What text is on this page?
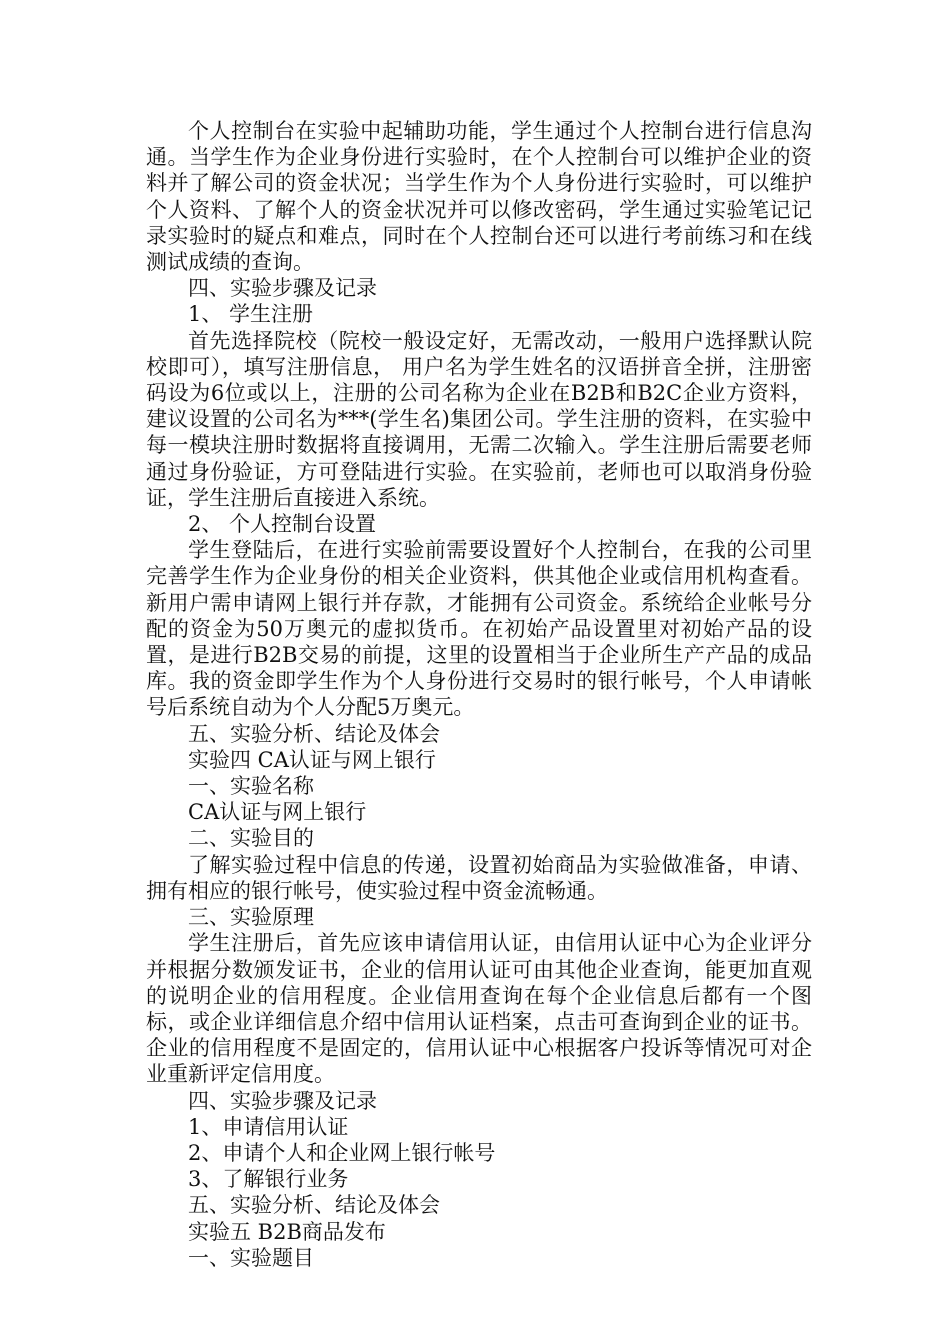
个人控制台在实验中起辅助功能，学生通过个人控制台进行信息沟通。当学生作为企业身份进行实验时，在个人控制台可以维护企业的资料并了解公司的资金状况；当学生作为个人身份进行实验时，可以维护个人资料、了解个人的资金状况并可以修改密码，学生通过实验笔记记录实验时的疑点和难点，同时在个人控制台还可以进行考前练习和在线测试成绩的查询。

四、实验步骤及记录

1、 学生注册

首先选择院校（院校一般设定好，无需改动，一般用户选择默认院校即可），填写注册信息， 用户名为学生姓名的汉语拼音全拼，注册密码设为6位或以上，注册的公司名称为企业在B2B和B2C企业方资料，建议设置的公司名为***(学生名)集团公司。学生注册的资料，在实验中每一模块注册时数据将直接调用，无需二次输入。学生注册后需要老师通过身份验证，方可登陆进行实验。在实验前，老师也可以取消身份验证，学生注册后直接进入系统。

2、 个人控制台设置

学生登陆后，在进行实验前需要设置好个人控制台，在我的公司里完善学生作为企业身份的相关企业资料，供其他企业或信用机构查看。新用户需申请网上银行并存款，才能拥有公司资金。系统给企业帐号分配的资金为50万奥元的虚拟货币。在初始产品设置里对初始产品的设置，是进行B2B交易的前提，这里的设置相当于企业所生产产品的成品库。我的资金即学生作为个人身份进行交易时的银行帐号，个人申请帐号后系统自动为个人分配5万奥元。

五、实验分析、结论及体会

实验四 CA认证与网上银行

一、实验名称

CA认证与网上银行

二、实验目的

了解实验过程中信息的传递，设置初始商品为实验做准备，申请、拥有相应的银行帐号，使实验过程中资金流畅通。

三、实验原理

学生注册后，首先应该申请信用认证，由信用认证中心为企业评分并根据分数颁发证书，企业的信用认证可由其他企业查询，能更加直观的说明企业的信用程度。企业信用查询在每个企业信息后都有一个图标，或企业详细信息介绍中信用认证档案，点击可查询到企业的证书。企业的信用程度不是固定的，信用认证中心根据客户投诉等情况可对企业重新评定信用度。

四、实验步骤及记录

1、申请信用认证

2、申请个人和企业网上银行帐号

3、了解银行业务

五、实验分析、结论及体会

实验五 B2B商品发布

一、实验题目
